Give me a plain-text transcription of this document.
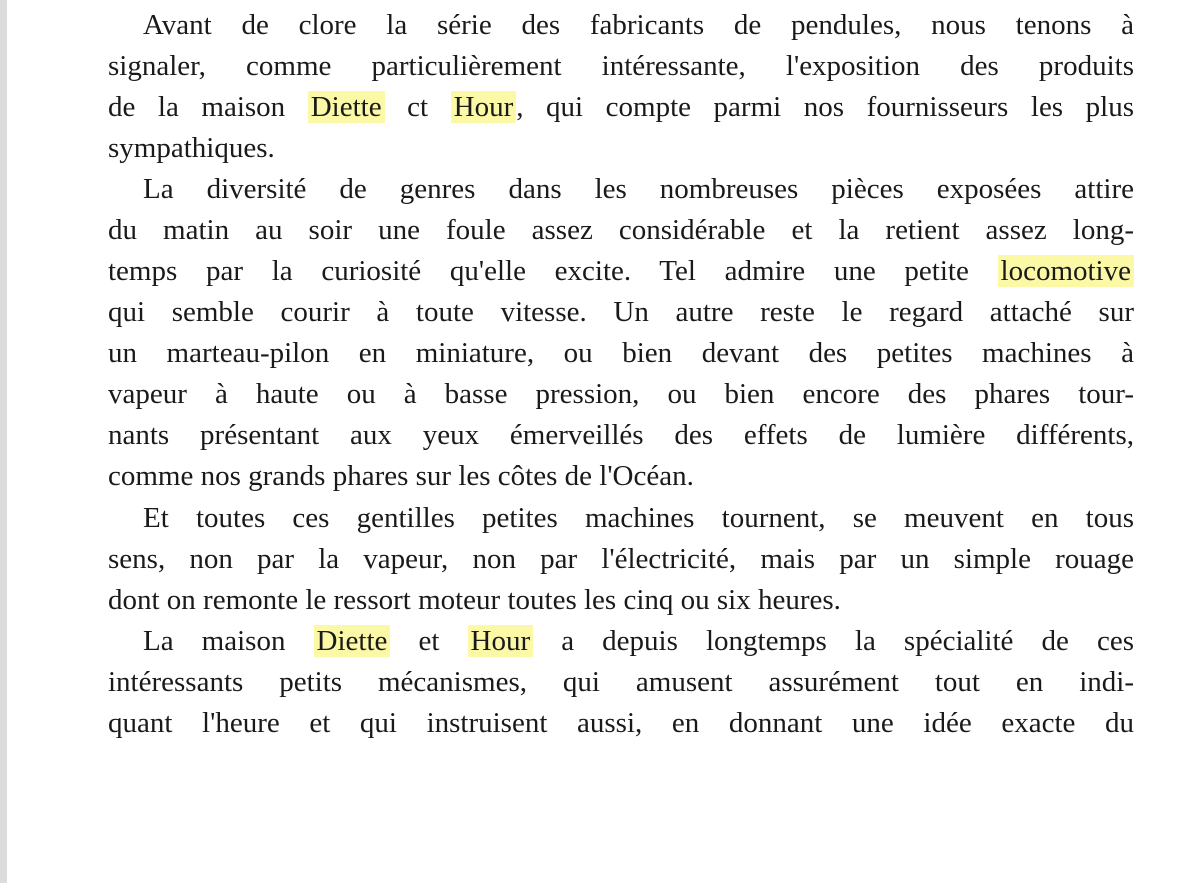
Avant de clore la série des fabricants de pendules, nous tenons à
signaler, comme particulièrement intéressante, l'exposition des produits
de la maison Diette ct Hour , qui compte parmi nos fournisseurs les plus
sympathiques.
La diversité de genres dans les nombreuses pièces exposées attire
du matin au soir une foule assez considérable et la retient assez long-
temps par la curiosité qu'elle excite. Tel admire une petite locomotive
qui semble courir à toute vitesse. Un autre reste le regard attaché sur
un marteau-pilon en miniature, ou bien devant des petites machines à
vapeur à haute ou à basse pression, ou bien encore des phares tour-
nants présentant aux yeux émerveillés des effets de lumière différents,
comme nos grands phares sur les côtes de l'Océan.
Et toutes ces gentilles petites machines tournent, se meuvent en tous
sens, non par la vapeur, non par l'électricité, mais par un simple rouage
dont on remonte le ressort moteur toutes les cinq ou six heures.
La maison Diette et Hour a depuis longtemps la spécialité de ces
intéressants petits mécanismes, qui amusent assurément tout en indi-
quant l'heure et qui instruisent aussi, en donnant une idée exacte du
